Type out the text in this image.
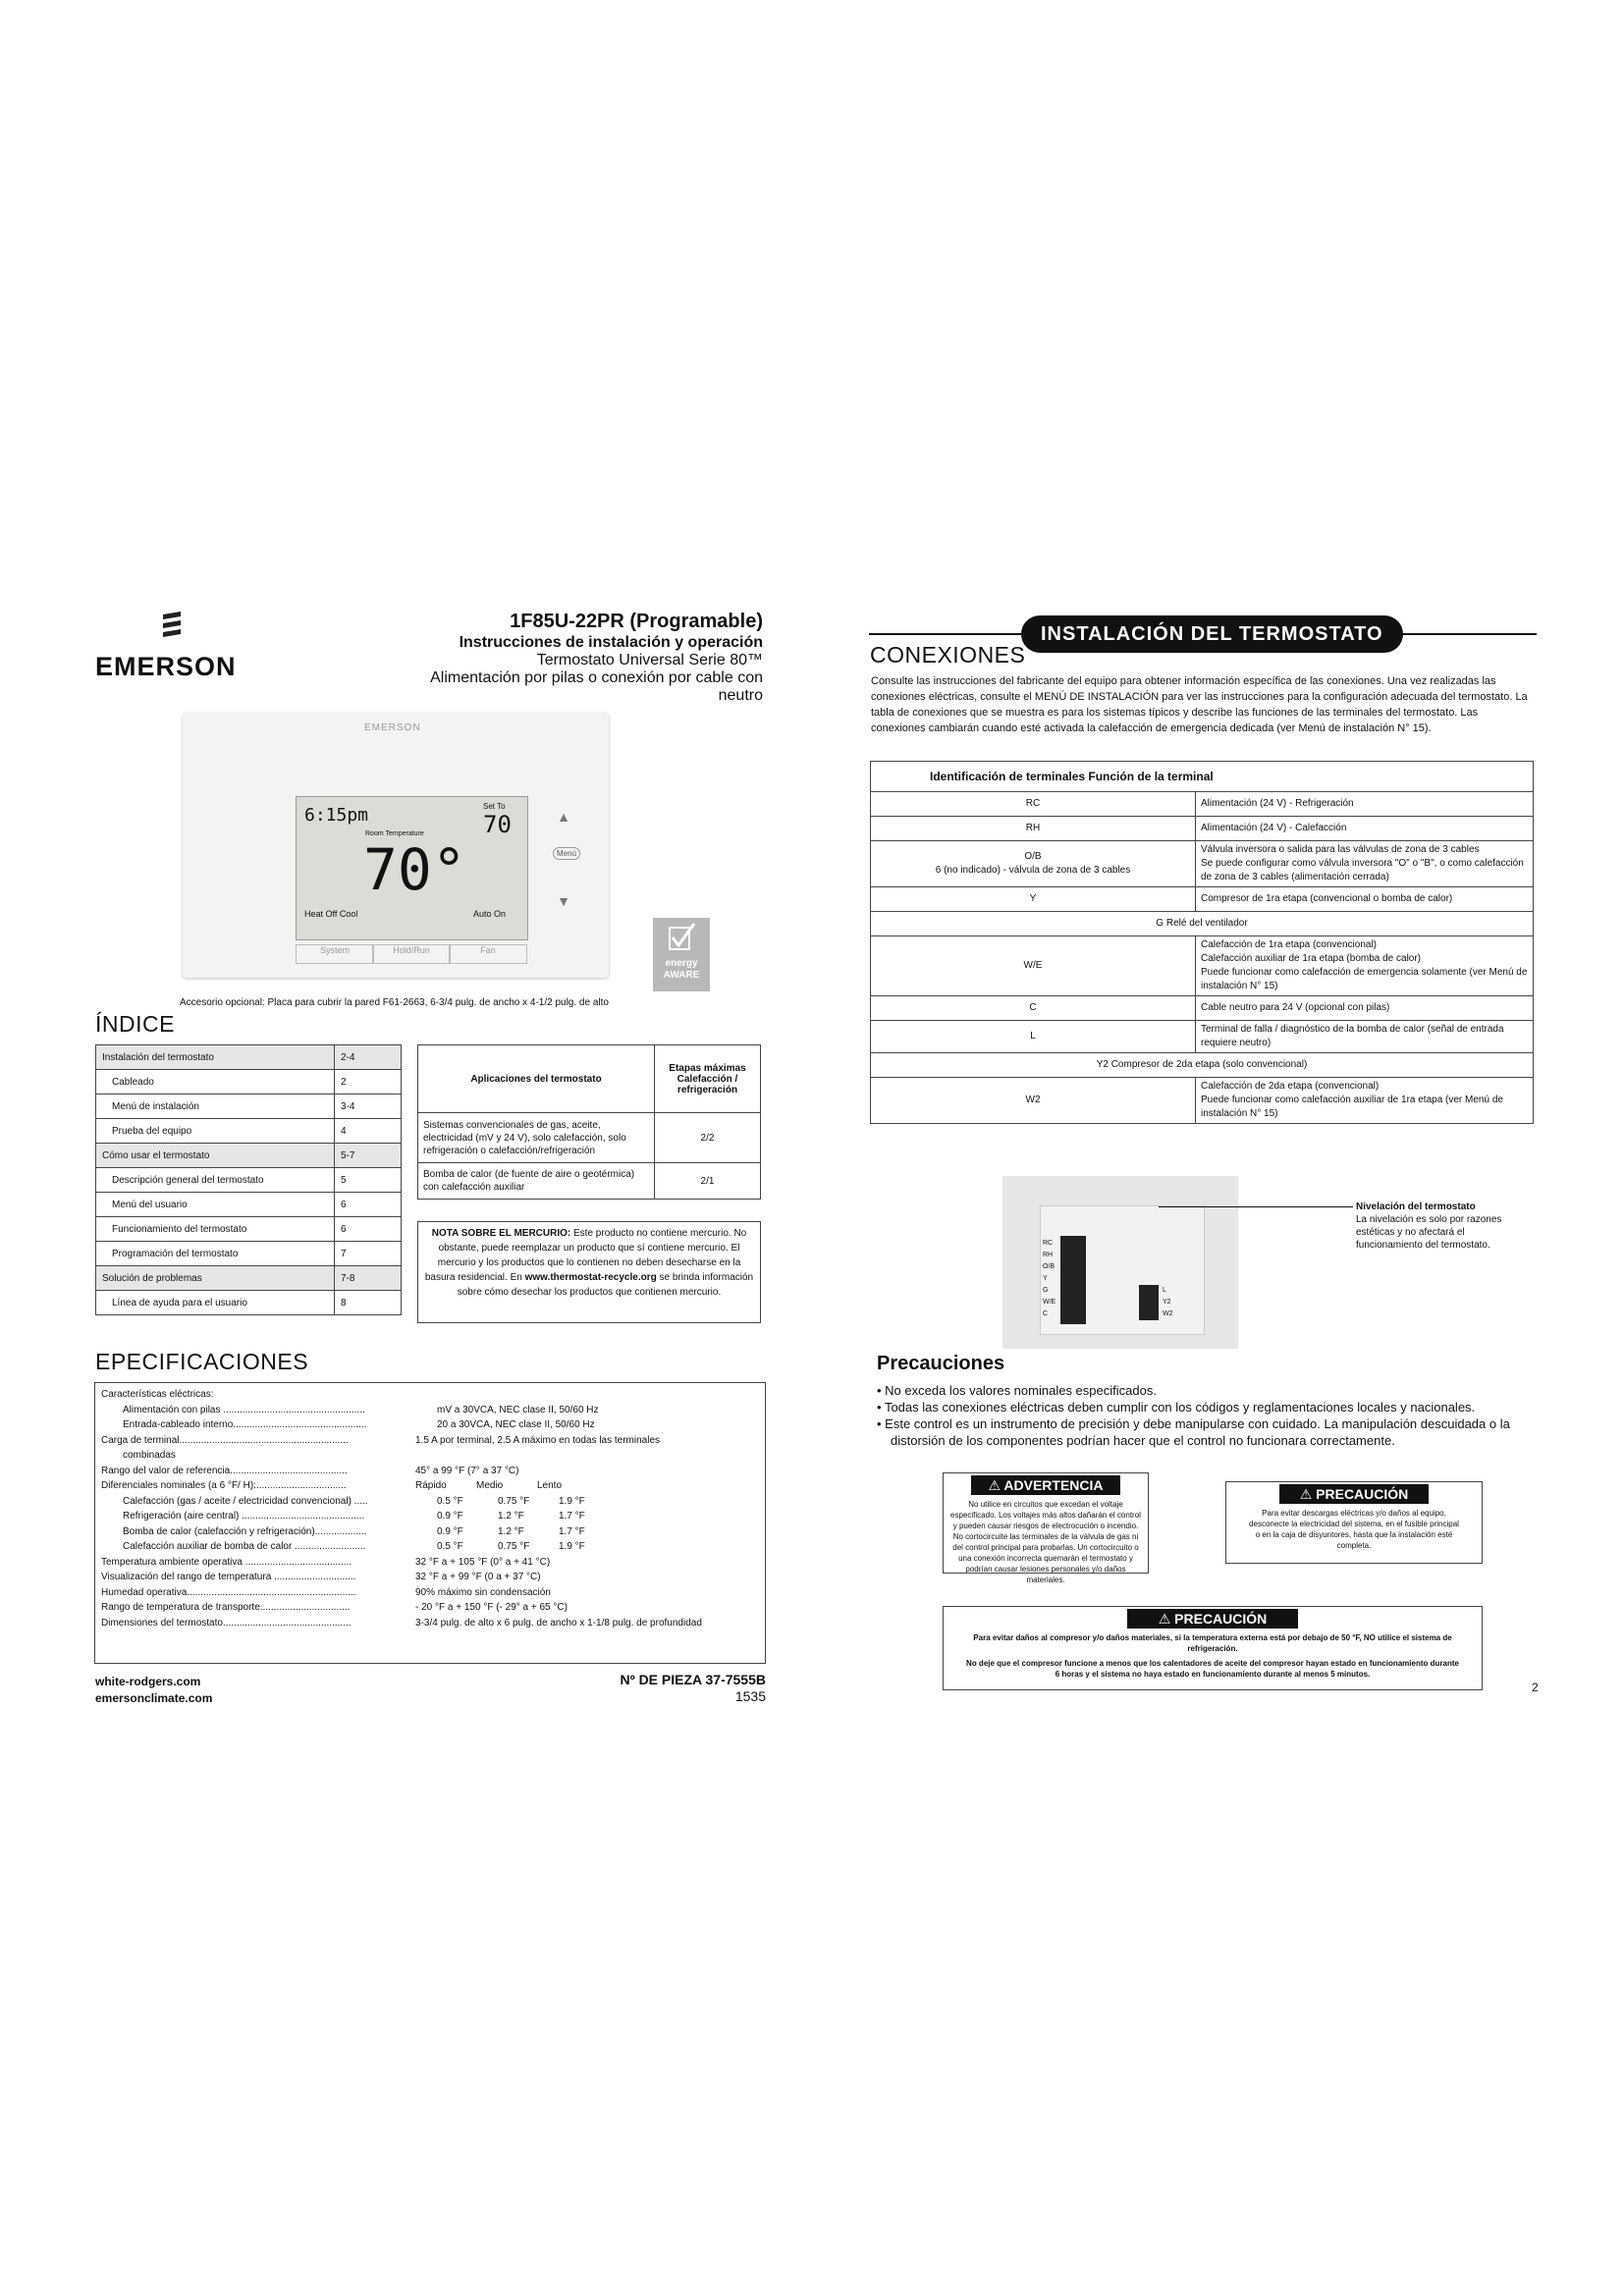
EMERSON
1F85U-22PR (Programable)
Instrucciones de instalación y operación
Termostato Universal Serie 80™
Alimentación por pilas o conexión por cable con
neutro
EMERSON
6:15pm	Set To
70
Room Temperature
70°
Heat Off Cool	Auto On
▲
Menú
▼
System	Hold/Run	Fan
energy AWARE
Accesorio opcional: Placa para cubrir la pared F61-2663, 6-3/4 pulg. de ancho x 4-1/2 pulg. de alto
ÍNDICE
Instalación del termostato	2-4
Cableado	2
Menú de instalación	3-4
Prueba del equipo	4
Cómo usar el termostato	5-7
Descripción general del termostato	5
Menú del usuario	6
Funcionamiento del termostato	6
Programación del termostato	7
Solución de problemas	7-8
Línea de ayuda para el usuario	8
Aplicaciones del termostato	Etapas máximas Calefacción / refrigeración
Sistemas convencionales de gas, aceite, electricidad (mV y 24 V), solo calefacción, solo refrigeración o calefacción/refrigeración	2/2
Bomba de calor (de fuente de aire o geotérmica) con calefacción auxiliar	2/1
NOTA SOBRE EL MERCURIO: Este producto no contiene mercurio. No obstante, puede reemplazar un producto que sí contiene mercurio. El mercurio y los productos que lo contienen no deben desecharse en la basura residencial. En www.thermostat-recycle.org se brinda información sobre cómo desechar los productos que contienen mercurio.
EPECIFICACIONES
Características eléctricas:
Alimentación con pilas ....................................................	mV a 30VCA, NEC clase II, 50/60 Hz
Entrada-cableado interno.................................................	20 a 30VCA, NEC clase II, 50/60 Hz
Carga de terminal..............................................................	1.5 A por terminal, 2.5 A máximo en todas las terminales
combinadas
Rango del valor de referencia...........................................	45° a 99 °F (7° a 37 °C)
Diferenciales nominales (a 6 °F/ H):.................................	Rápido	Medio	Lento
Calefacción (gas / aceite / electricidad convencional) .....	0.5 °F	0.75 °F	1.9 °F
Refrigeración (aire central) .............................................	0.9 °F	1.2 °F	1.7 °F
Bomba de calor (calefacción y refrigeración)...................	0.9 °F	1.2 °F	1.7 °F
Calefacción auxiliar de bomba de calor ..........................	0.5 °F	0.75 °F	1.9 °F
Temperatura ambiente operativa .......................................	32 °F a + 105 °F (0° a + 41 °C)
Visualización del rango de temperatura ..............................	32 °F a + 99 °F (0 a + 37 °C)
Humedad operativa..............................................................	90% máximo sin condensación
Rango de temperatura de transporte.................................	- 20 °F a + 150 °F (- 29° a + 65 °C)
Dimensiones del termostato...............................................	3-3/4 pulg. de alto x 6 pulg. de ancho x 1-1/8 pulg. de profundidad
white-rodgers.com
emersonclimate.com
Nº DE PIEZA 37-7555B
1535
INSTALACIÓN DEL TERMOSTATO
CONEXIONES
Consulte las instrucciones del fabricante del equipo para obtener información específica de las conexiones. Una vez realizadas las conexiones eléctricas, consulte el MENÚ DE INSTALACIÓN para ver las instrucciones para la configuración adecuada del termostato. La tabla de conexiones que se muestra es para los sistemas típicos y describe las funciones de las terminales del termostato. Las conexiones cambiarán cuando esté activada la calefacción de emergencia dedicada (ver Menú de instalación N° 15).
Identificación de terminales Función de la terminal	
RC	Alimentación (24 V) - Refrigeración
RH	Alimentación (24 V) - Calefacción
O/B
6 (no indicado) - válvula de zona de 3 cables	Válvula inversora o salida para las válvulas de zona de 3 cables
Se puede configurar como válvula inversora "O" o "B", o como calefacción de zona de 3 cables (alimentación cerrada)
Y	Compresor de 1ra etapa (convencional o bomba de calor)
G Relé del ventilador	
W/E	Calefacción de 1ra etapa (convencional)
Calefacción auxiliar de 1ra etapa (bomba de calor)
Puede funcionar como calefacción de emergencia solamente (ver Menú de instalación N° 15)
C	Cable neutro para 24 V (opcional con pilas)
L	Terminal de falla / diagnóstico de la bomba de calor (señal de entrada requiere neutro)
Y2 Compresor de 2da etapa (solo convencional)	
W2	Calefacción de 2da etapa (convencional)
Puede funcionar como calefacción auxiliar de 1ra etapa (ver Menú de instalación N° 15)
RC
RH
O/B
Y
G
W/E
C
L
Y2
W2
Nivelación del termostato
La nivelación es solo por razones estéticas y no afectará el funcionamiento del termostato.
Precauciones
• No exceda los valores nominales especificados.
• Todas las conexiones eléctricas deben cumplir con los códigos y reglamentaciones locales y nacionales.
• Este control es un instrumento de precisión y debe manipularse con cuidado. La manipulación descuidada o la distorsión de los componentes podrían hacer que el control no funcionara correctamente.
⚠ ADVERTENCIA
No utilice en circuitos que excedan el voltaje especificado. Los voltajes más altos dañarán el control y pueden causar riesgos de electrocución o incendio. No cortocircuite las terminales de la válvula de gas ni del control principal para probarlas. Un cortocircuito o una conexión incorrecta quemarán el termostato y podrían causar lesiones personales y/o daños materiales.
⚠ PRECAUCIÓN
Para evitar descargas eléctricas y/o daños al equipo, desconecte la electricidad del sistema, en el fusible principal o en la caja de disyuntores, hasta que la instalación esté completa.
⚠ PRECAUCIÓN
Para evitar daños al compresor y/o daños materiales, si la temperatura externa está por debajo de 50 °F, NO utilice el sistema de refrigeración.
No deje que el compresor funcione a menos que los calentadores de aceite del compresor hayan estado en funcionamiento durante 6 horas y el sistema no haya estado en funcionamiento durante al menos 5 minutos.
2
